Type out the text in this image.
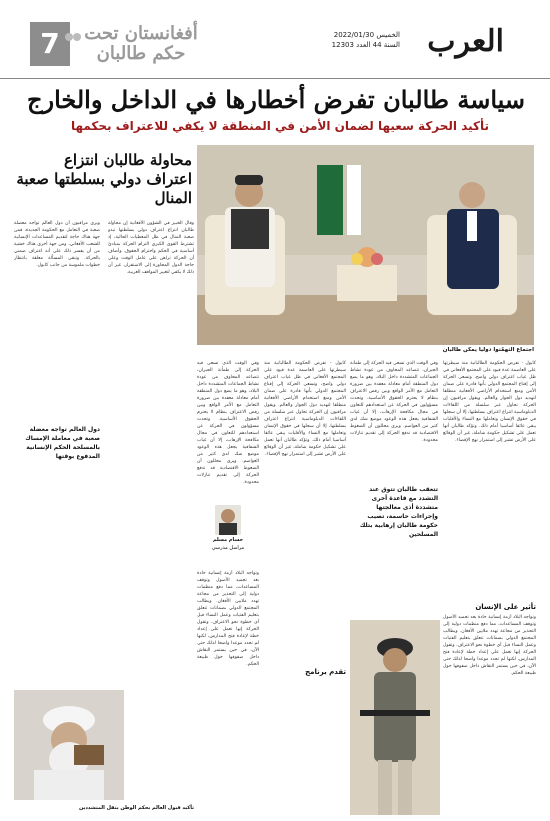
العرب
الخميس 2022/01/30
السنة 44 العدد 12303
7	أفغانستان تحت حكم طالبان
سياسة طالبان تفرض أخطارها في الداخل والخارج
تأكيد الحركة سعيها لضمان الأمن في المنطقة لا يكفي للاعتراف بحكمها
اجتماع التهمّتوا دوليا يمكن طالبان
محاولة طالبان انتزاع اعتراف دولي بسلطتها صعبة المنال
وقال الخبير في الشؤون الأفغانية إن محاولة طالبان انتزاع اعتراف دولي بسلطتها تبدو صعبة المنال في ظل المعطيات الحالية، إذ تشترط القوى الكبرى التزام الحركة بمبادئ أساسية في الحكم واحترام الحقوق. وأضاف أن الحركة تراهن على عامل الوقت وعلى حاجة الدول المجاورة إلى الاستقرار، غير أن ذلك لا يكفي لتغيير المواقف الغربية.
ويرى مراقبون أن دول العالم تواجه معضلة صعبة في التعامل مع الحكومة الجديدة، فمن جهة هناك حاجة لتقديم المساعدات الإنسانية للشعب الأفغاني، ومن جهة أخرى هناك خشية من أن يفسر ذلك على أنه اعتراف ضمني بالحركة. وتبقى المسألة معلقة بانتظار خطوات ملموسة من جانب كابول.
دول العالم تواجه معضلة صعبة في معاملة الإمساك بالمسلحة الحكم الإنسانية المدفوع بوقتها
تأكيد قبول العالم بحكم الوطن يتقل المتشددين
كابول - تفرض الحكومة الطالبانية منذ سيطرتها على العاصمة عدة قيود على المجتمع الأفغاني في ظل غياب اعتراف دولي واضح، وتسعى الحركة إلى إقناع المجتمع الدولي بأنها قادرة على ضمان الأمن ومنع استخدام الأراضي الأفغانية منطلقا لتهديد دول الجوار والعالم. ويقول مراقبون إن الحركة تحاول عبر سلسلة من اللقاءات الدبلوماسية انتزاع اعتراف بسلطتها، إلا أن سجلها في حقوق الإنسان وتعاملها مع النساء والأقليات يبقى عائقا أساسيا أمام ذلك. وتؤكد طالبان أنها تعمل على تشكيل حكومة شاملة، غير أن الوقائع على الأرض تشير إلى استمرار نهج الإقصاء.
تأثير على الإنسان
وتواجه البلاد أزمة إنسانية حادة بعد تجميد الأصول وتوقف المساعدات، مما دفع منظمات دولية إلى التحذير من مجاعة تهدد ملايين الأفغان. ويطالب المجتمع الدولي بضمانات تتعلق بتعليم الفتيات وعمل النساء قبل أي خطوة نحو الاعتراف. وتقول الحركة إنها تعمل على إعداد خطة لإعادة فتح المدارس، لكنها لم تحدد موعدا واضحا لذلك حتى الآن، في حين يستمر النقاش داخل صفوفها حول طبيعة الحكم.
وفي الوقت الذي تسعى فيه الحركة إلى طمأنة الجيران، تتصاعد المخاوف من عودة نشاط الجماعات المتشددة داخل البلاد، وهو ما يضع دول المنطقة أمام معادلة معقدة بين ضرورة التعامل مع الأمر الواقع وبين رفض الاعتراف بنظام لا يحترم الحقوق الأساسية. وتحدث مسؤولون في الحركة عن استعدادهم للتعاون في مجال مكافحة الإرهاب، إلا أن غياب الشفافية يجعل هذه الوعود موضع شك لدى كثير من العواصم. ويرى محللون أن الضغوط الاقتصادية قد تدفع الحركة إلى تقديم تنازلات محدودة.
تتعقب طالبان تتوق عند التشدد مع قاعدة أخرى متشددة أذى معالجتها وإجراءات حاسمة، تصيب حكومة طالبان إرهابية بتلك المسلحين
كابول - تفرض الحكومة الطالبانية منذ سيطرتها على العاصمة عدة قيود على المجتمع الأفغاني في ظل غياب اعتراف دولي واضح، وتسعى الحركة إلى إقناع المجتمع الدولي بأنها قادرة على ضمان الأمن ومنع استخدام الأراضي الأفغانية منطلقا لتهديد دول الجوار والعالم. ويقول مراقبون إن الحركة تحاول عبر سلسلة من اللقاءات الدبلوماسية انتزاع اعتراف بسلطتها، إلا أن سجلها في حقوق الإنسان وتعاملها مع النساء والأقليات يبقى عائقا أساسيا أمام ذلك. وتؤكد طالبان أنها تعمل على تشكيل حكومة شاملة، غير أن الوقائع على الأرض تشير إلى استمرار نهج الإقصاء.
تقدم برنامج
وفي الوقت الذي تسعى فيه الحركة إلى طمأنة الجيران، تتصاعد المخاوف من عودة نشاط الجماعات المتشددة داخل البلاد، وهو ما يضع دول المنطقة أمام معادلة معقدة بين ضرورة التعامل مع الأمر الواقع وبين رفض الاعتراف بنظام لا يحترم الحقوق الأساسية. وتحدث مسؤولون في الحركة عن استعدادهم للتعاون في مجال مكافحة الإرهاب، إلا أن غياب الشفافية يجعل هذه الوعود موضع شك لدى كثير من العواصم. ويرى محللون أن الضغوط الاقتصادية قد تدفع الحركة إلى تقديم تنازلات محدودة.
حسام مسلم
مراسل مدرسي
وتواجه البلاد أزمة إنسانية حادة بعد تجميد الأصول وتوقف المساعدات، مما دفع منظمات دولية إلى التحذير من مجاعة تهدد ملايين الأفغان. ويطالب المجتمع الدولي بضمانات تتعلق بتعليم الفتيات وعمل النساء قبل أي خطوة نحو الاعتراف. وتقول الحركة إنها تعمل على إعداد خطة لإعادة فتح المدارس، لكنها لم تحدد موعدا واضحا لذلك حتى الآن، في حين يستمر النقاش داخل صفوفها حول طبيعة الحكم.
